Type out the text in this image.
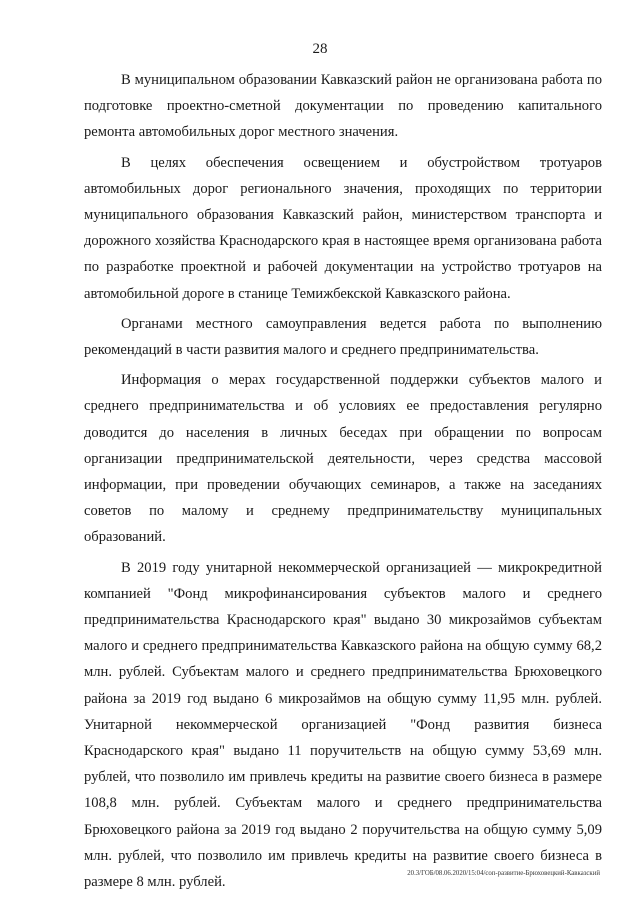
28

В муниципальном образовании Кавказский район не организована работа по подготовке проектно-сметной документации по проведению капитального ремонта автомобильных дорог местного значения.

В целях обеспечения освещением и обустройством тротуаров автомобильных дорог регионального значения, проходящих по территории муниципального образования Кавказский район, министерством транспорта и дорожного хозяйства Краснодарского края в настоящее время организована работа по разработке проектной и рабочей документации на устройство тротуаров на автомобильной дороге в станице Темижбекской Кавказского района.

Органами местного самоуправления ведется работа по выполнению рекомендаций в части развития малого и среднего предпринимательства.

Информация о мерах государственной поддержки субъектов малого и среднего предпринимательства и об условиях ее предоставления регулярно доводится до населения в личных беседах при обращении по вопросам организации предпринимательской деятельности, через средства массовой информации, при проведении обучающих семинаров, а также на заседаниях советов по малому и среднему предпринимательству муниципальных образований.

В 2019 году унитарной некоммерческой организацией — микрокредитной компанией "Фонд микрофинансирования субъектов малого и среднего предпринимательства Краснодарского края" выдано 30 микрозаймов субъектам малого и среднего предпринимательства Кавказского района на общую сумму 68,2 млн. рублей. Субъектам малого и среднего предпринимательства Брюховецкого района за 2019 год выдано 6 микрозаймов на общую сумму 11,95 млн. рублей. Унитарной некоммерческой организацией "Фонд развития бизнеса Краснодарского края" выдано 11 поручительств на общую сумму 53,69 млн. рублей, что позволило им привлечь кредиты на развитие своего бизнеса в размере 108,8 млн. рублей. Субъектам малого и среднего предпринимательства Брюховецкого района за 2019 год выдано 2 поручительства на общую сумму 5,09 млн. рублей, что позволило им привлечь кредиты на развитие своего бизнеса в размере 8 млн. рублей.

20.3/ГОБ/08.06.2020/15:04/соп-развитие-Брюховецкий-Кавказский
